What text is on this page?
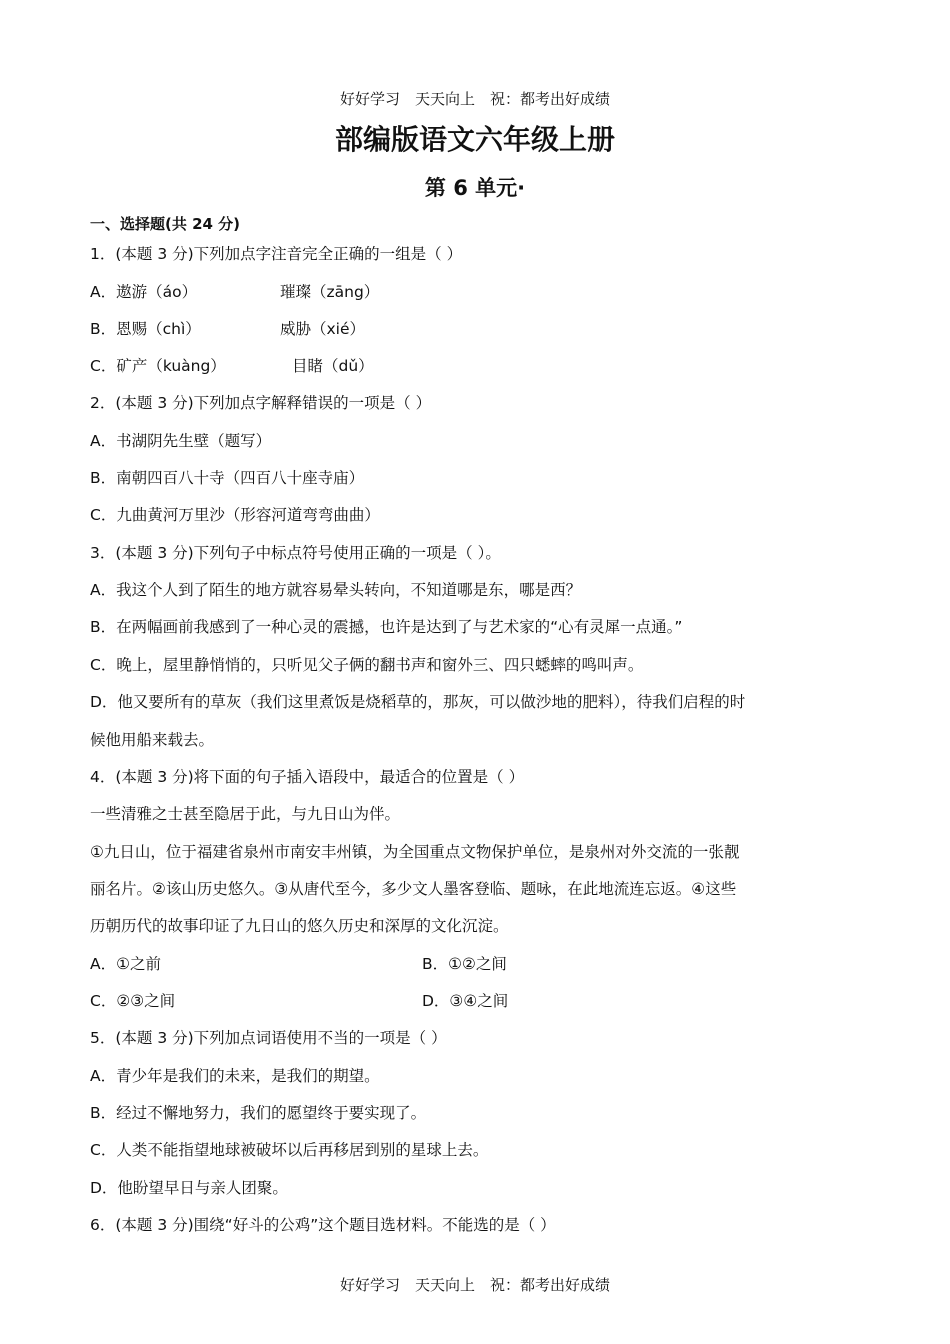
好好学习　天天向上　祝：都考出好成绩
部编版语文六年级上册
第 6 单元·
一、选择题(共 24 分)
1．(本题 3 分)下列加点字注音完全正确的一组是（ ）
A．遨游（áo）	璀璨（zāng）
B．恩赐（chì）	威胁（xié）
C．矿产（kuàng）	目睹（dǔ）
2．(本题 3 分)下列加点字解释错误的一项是（ ）
A．书湖阴先生壁（题写）
B．南朝四百八十寺（四百八十座寺庙）
C．九曲黄河万里沙（形容河道弯弯曲曲）
3．(本题 3 分)下列句子中标点符号使用正确的一项是（ ）。
A．我这个人到了陌生的地方就容易晕头转向，不知道哪是东，哪是西？
B．在两幅画前我感到了一种心灵的震撼，也许是达到了与艺术家的“心有灵犀一点通。”
C．晚上，屋里静悄悄的，只听见父子俩的翻书声和窗外三、四只蟋蟀的鸣叫声。
D．他又要所有的草灰（我们这里煮饭是烧稻草的，那灰，可以做沙地的肥料），待我们启程的时
候他用船来载去。
4．(本题 3 分)将下面的句子插入语段中，最适合的位置是（ ）
一些清雅之士甚至隐居于此，与九日山为伴。
①九日山，位于福建省泉州市南安丰州镇，为全国重点文物保护单位，是泉州对外交流的一张靓
丽名片。②该山历史悠久。③从唐代至今，多少文人墨客登临、题咏，在此地流连忘返。④这些
历朝历代的故事印证了九日山的悠久历史和深厚的文化沉淀。
A．①之前	B．①②之间
C．②③之间	D．③④之间
5．(本题 3 分)下列加点词语使用不当的一项是（ ）
A．青少年是我们的未来，是我们的期望。
B．经过不懈地努力，我们的愿望终于要实现了。
C．人类不能指望地球被破坏以后再移居到别的星球上去。
D．他盼望早日与亲人团聚。
6．(本题 3 分)围绕“好斗的公鸡”这个题目选材料。不能选的是（ ）
好好学习　天天向上　祝：都考出好成绩
